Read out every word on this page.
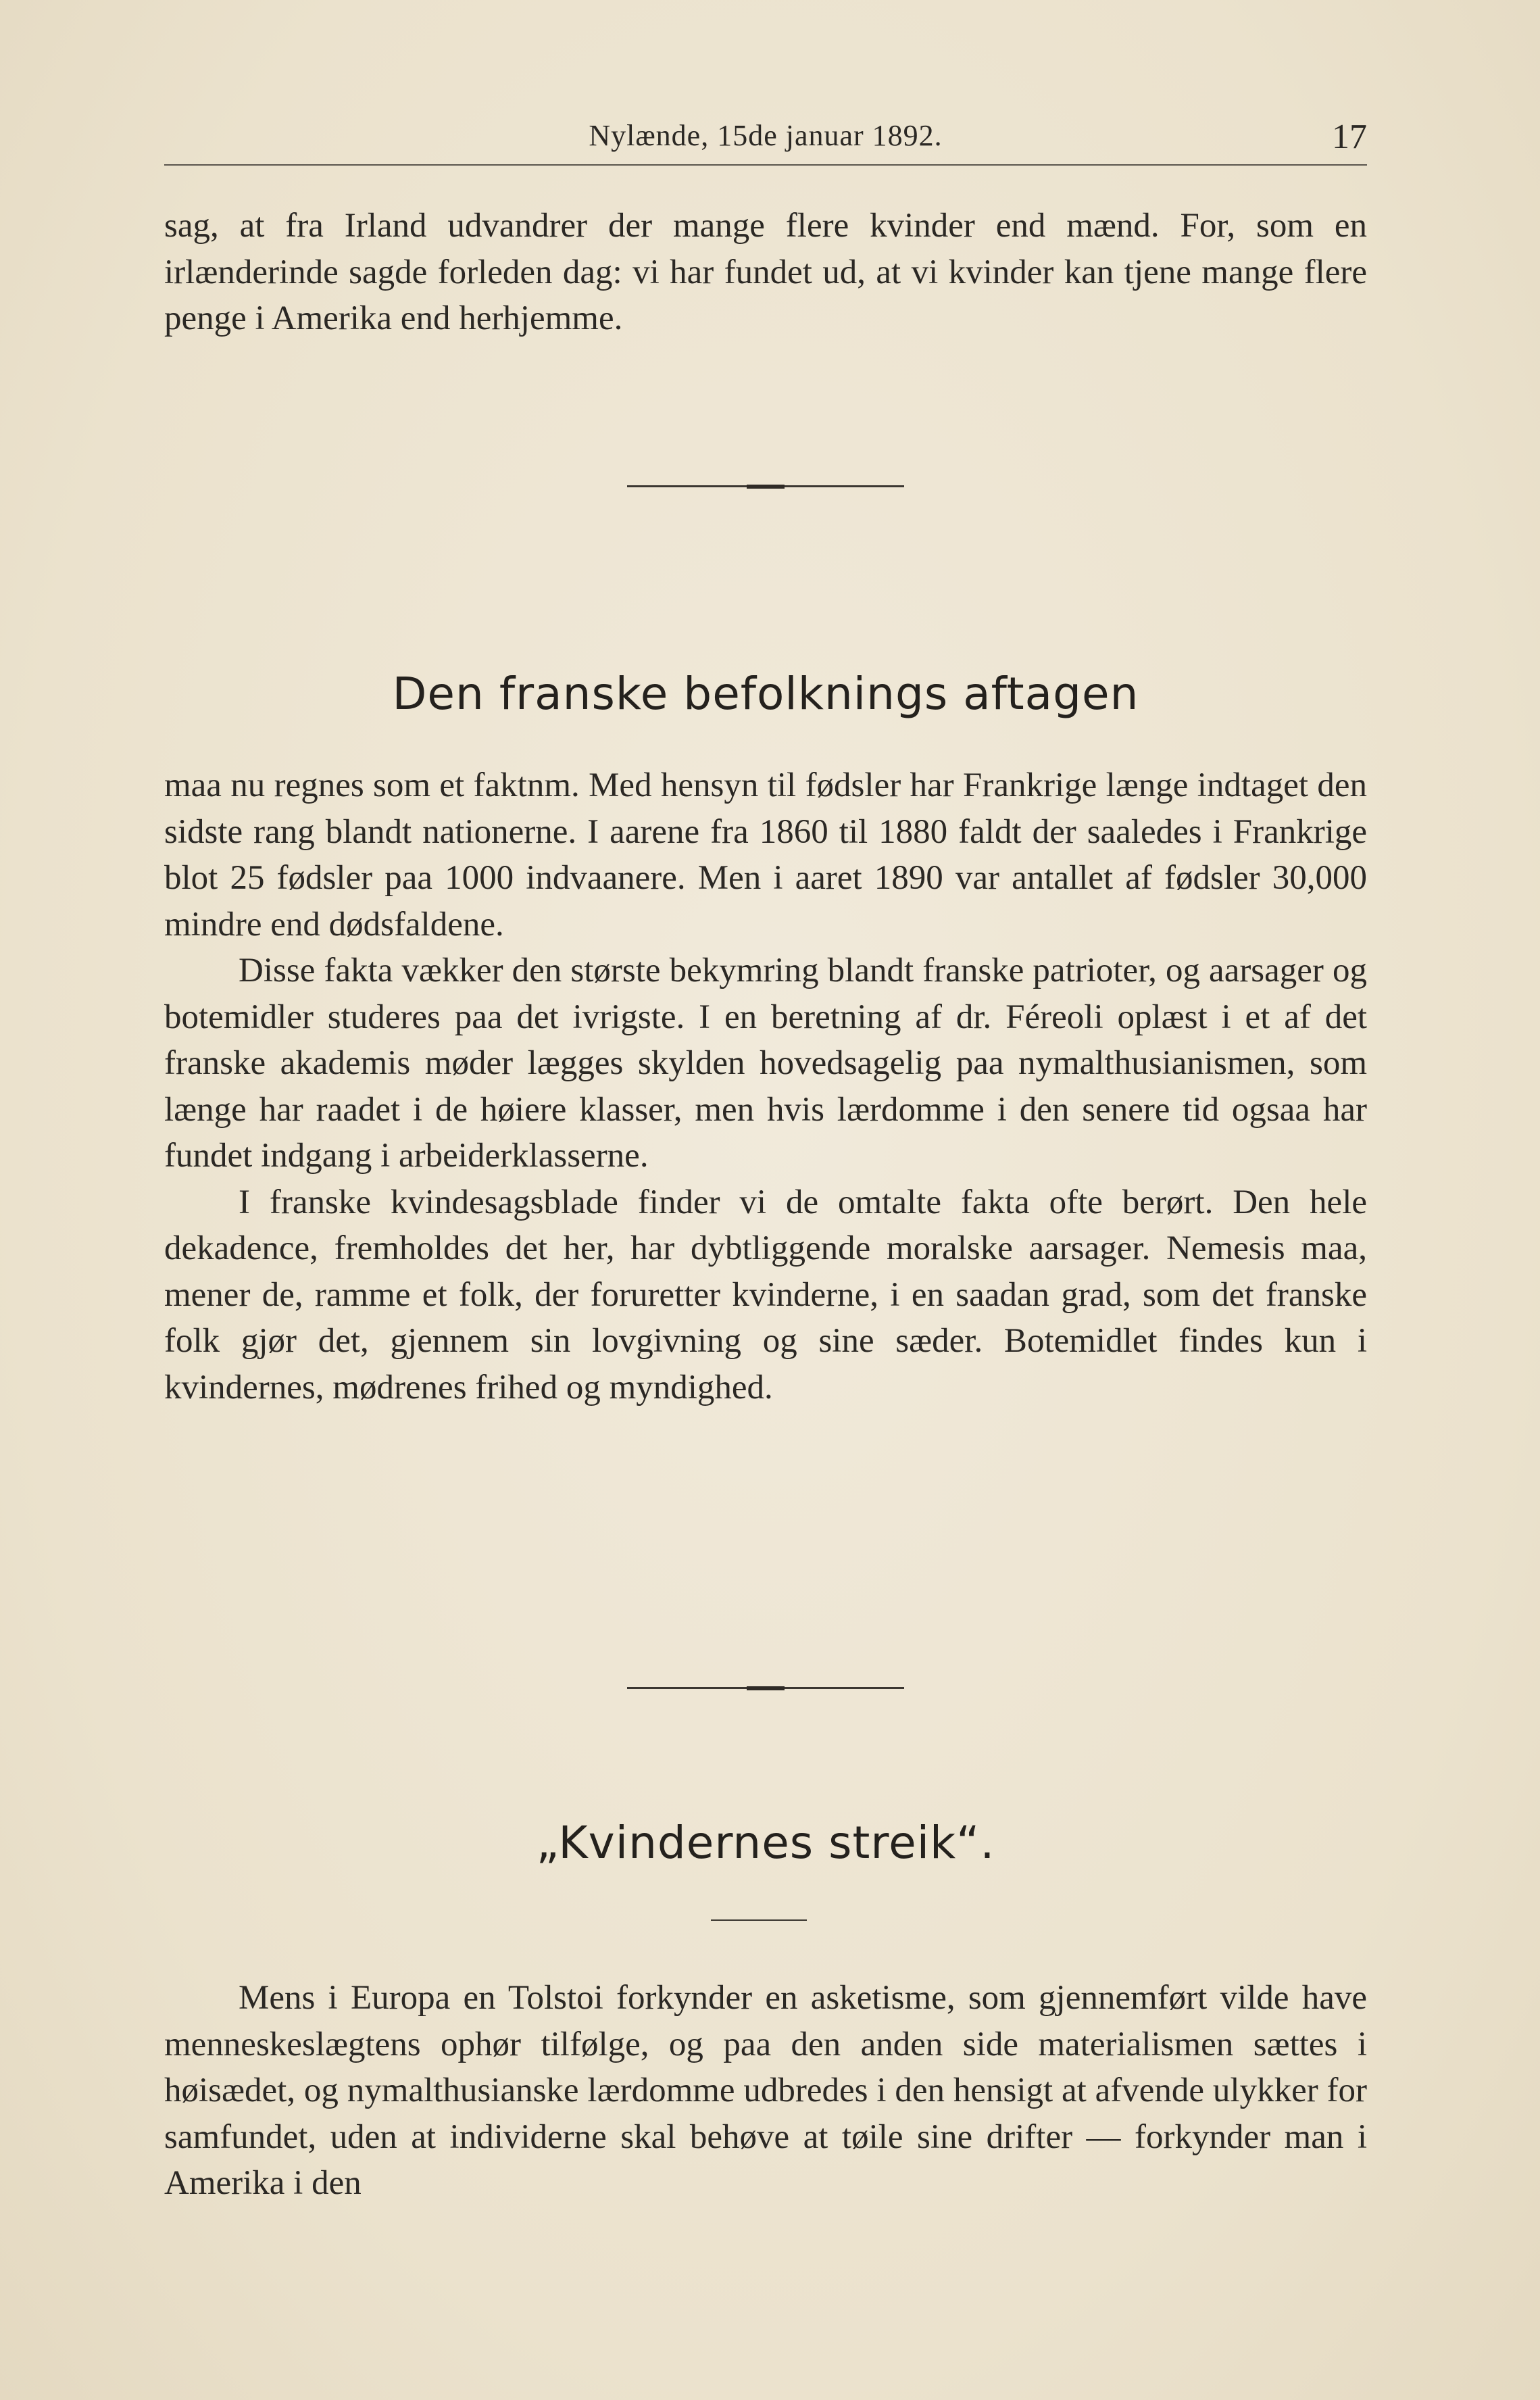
Nylænde, 15de januar 1892.	17

sag, at fra Irland udvandrer der mange flere kvinder end mænd. For, som en irlænderinde sagde forleden dag: vi har fundet ud, at vi kvinder kan tjene mange flere penge i Amerika end herhjemme.

Den franske befolknings aftagen

maa nu regnes som et faktnm. Med hensyn til fødsler har Frankrige længe indtaget den sidste rang blandt nationerne. I aarene fra 1860 til 1880 faldt der saaledes i Frankrige blot 25 fødsler paa 1000 indvaanere. Men i aaret 1890 var antallet af fødsler 30,000 mindre end dødsfaldene.

Disse fakta vækker den største bekymring blandt franske patrioter, og aarsager og botemidler studeres paa det ivrigste. I en beretning af dr. Féreoli oplæst i et af det franske akademis møder lægges skylden hovedsagelig paa nymalthusianismen, som længe har raadet i de høiere klasser, men hvis lærdomme i den senere tid ogsaa har fundet indgang i arbeiderklasserne.

I franske kvindesagsblade finder vi de omtalte fakta ofte berørt. Den hele dekadence, fremholdes det her, har dybtliggende moralske aarsager. Nemesis maa, mener de, ramme et folk, der foruretter kvinderne, i en saadan grad, som det franske folk gjør det, gjennem sin lovgivning og sine sæder. Botemidlet findes kun i kvindernes, mødrenes frihed og myndighed.

„Kvindernes streik“.

Mens i Europa en Tolstoi forkynder en asketisme, som gjennemført vilde have menneskeslægtens ophør tilfølge, og paa den anden side materialismen sættes i høisædet, og nymalthusianske lærdomme udbredes i den hensigt at afvende ulykker for samfundet, uden at individerne skal behøve at tøile sine drifter — forkynder man i Amerika i den
